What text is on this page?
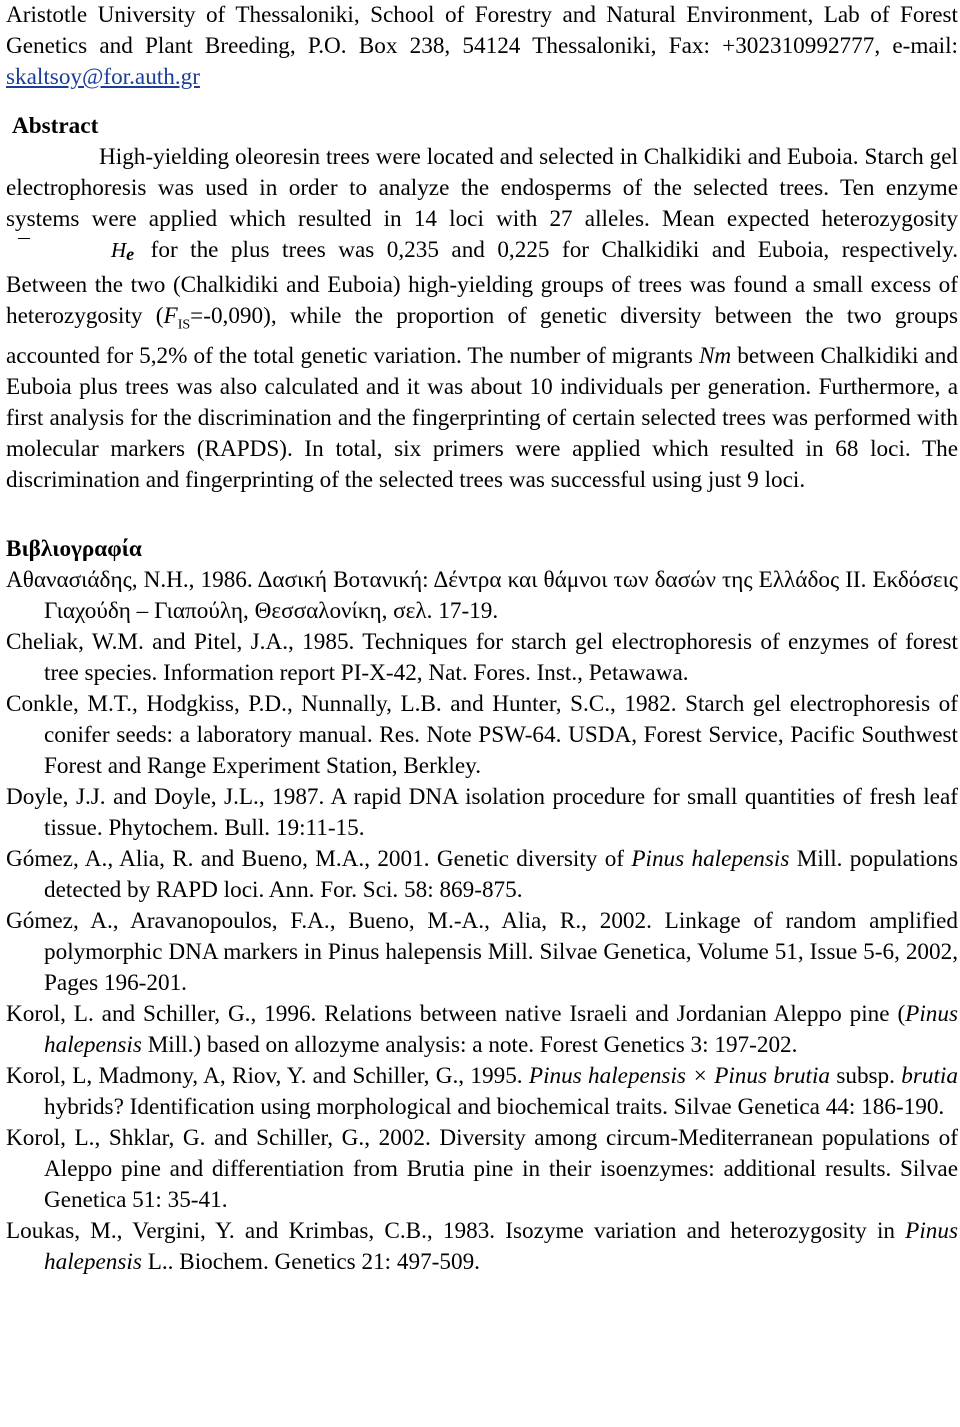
Aristotle University of Thessaloniki, School of Forestry and Natural Environment, Lab of Forest Genetics and Plant Breeding, P.O. Box 238, 54124 Thessaloniki, Fax: +302310992777, e-mail: skaltsoy@for.auth.gr

Abstract

High-yielding oleoresin trees were located and selected in Chalkidiki and Euboia. Starch gel electrophoresis was used in order to analyze the endosperms of the selected trees. Ten enzyme systems were applied which resulted in 14 loci with 27 alleles. Mean expected heterozygosity
He for the plus trees was 0,235 and 0,225 for Chalkidiki and Euboia, respectively. Between the two (Chalkidiki and Euboia) high-yielding groups of trees was found a small excess of heterozygosity $(F_{IS}=-0,090)$, while the proportion of genetic diversity between the two groups accounted for 5,2% of the total genetic variation. The number of migrants Nm between Chalkidiki and Euboia plus trees was also calculated and it was about 10 individuals per generation. Furthermore, a first analysis for the discrimination and the fingerprinting of certain selected trees was performed with molecular markers (RAPDS). In total, six primers were applied which resulted in 68 loci. The discrimination and fingerprinting of the selected trees was successful using just 9 loci.

Βιβλιογραφία

Αθανασιάδης, Ν.Η., 1986. Δασική Βοτανική: Δέντρα και θάμνοι των δασών της Ελλάδος ΙΙ. Εκδόσεις Γιαχούδη – Γιαπούλη, Θεσσαλονίκη, σελ. 17-19.

Cheliak, W.M. and Pitel, J.A., 1985. Techniques for starch gel electrophoresis of enzymes of forest tree species. Information report PI-X-42, Nat. Fores. Inst., Petawawa.

Conkle, M.T., Hodgkiss, P.D., Nunnally, L.B. and Hunter, S.C., 1982. Starch gel electrophoresis of conifer seeds: a laboratory manual. Res. Note PSW-64. USDA, Forest Service, Pacific Southwest Forest and Range Experiment Station, Berkley.

Doyle, J.J. and Doyle, J.L., 1987. A rapid DNA isolation procedure for small quantities of fresh leaf tissue. Phytochem. Bull. 19:11-15.

Gómez, A., Alia, R. and Bueno, M.A., 2001. Genetic diversity of Pinus halepensis Mill. populations detected by RAPD loci. Ann. For. Sci. 58: 869-875.

Gómez, A., Aravanopoulos, F.A., Bueno, M.-A., Alia, R., 2002. Linkage of random amplified polymorphic DNA markers in Pinus halepensis Mill. Silvae Genetica, Volume 51, Issue 5-6, 2002, Pages 196-201.

Korol, L. and Schiller, G., 1996. Relations between native Israeli and Jordanian Aleppo pine (Pinus halepensis Mill.) based on allozyme analysis: a note. Forest Genetics 3: 197-202.

Korol, L, Madmony, A, Riov, Y. and Schiller, G., 1995. Pinus halepensis × Pinus brutia subsp. brutia hybrids? Identification using morphological and biochemical traits. Silvae Genetica 44: 186-190.

Korol, L., Shklar, G. and Schiller, G., 2002. Diversity among circum-Mediterranean populations of Aleppo pine and differentiation from Brutia pine in their isoenzymes: additional results. Silvae Genetica 51: 35-41.

Loukas, M., Vergini, Y. and Krimbas, C.B., 1983. Isozyme variation and heterozygosity in Pinus halepensis L.. Biochem. Genetics 21: 497-509.
